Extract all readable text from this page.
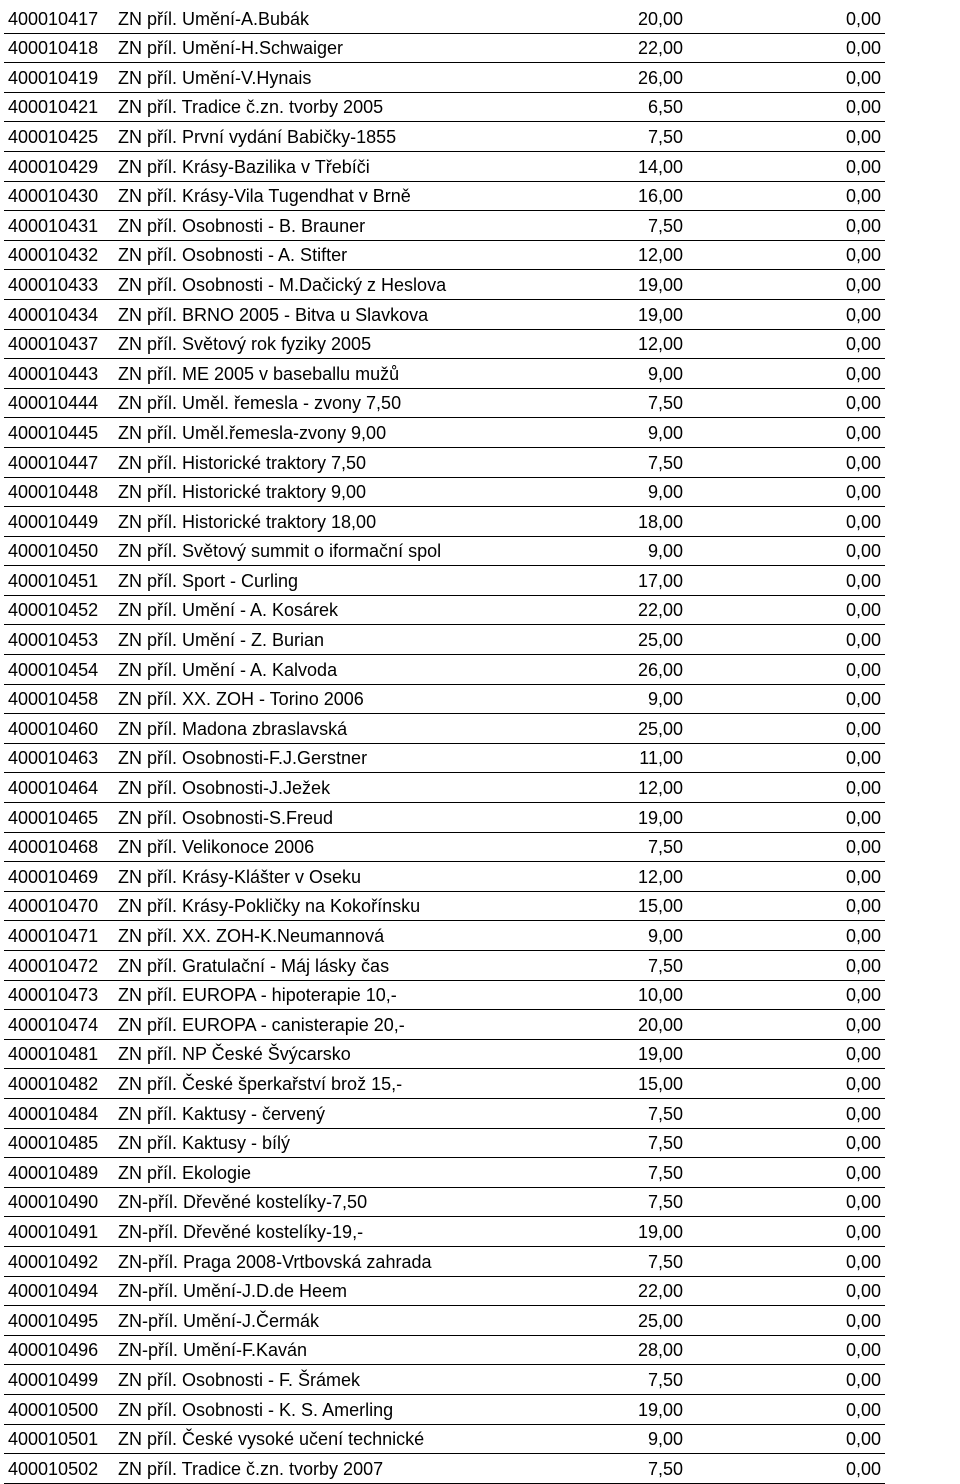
400010417	ZN příl. Umění-A.Bubák	20,00	0,00
400010418	ZN příl. Umění-H.Schwaiger	22,00	0,00
400010419	ZN příl. Umění-V.Hynais	26,00	0,00
400010421	ZN příl. Tradice č.zn. tvorby 2005	6,50	0,00
400010425	ZN příl. První vydání Babičky-1855	7,50	0,00
400010429	ZN příl. Krásy-Bazilika v Třebíči	14,00	0,00
400010430	ZN příl. Krásy-Vila Tugendhat v Brně	16,00	0,00
400010431	ZN příl. Osobnosti - B. Brauner	7,50	0,00
400010432	ZN příl. Osobnosti - A. Stifter	12,00	0,00
400010433	ZN příl. Osobnosti - M.Dačický z Heslova	19,00	0,00
400010434	ZN příl. BRNO 2005 - Bitva u Slavkova	19,00	0,00
400010437	ZN příl. Světový rok fyziky 2005	12,00	0,00
400010443	ZN příl. ME 2005 v baseballu mužů	9,00	0,00
400010444	ZN příl. Uměl. řemesla - zvony 7,50	7,50	0,00
400010445	ZN příl. Uměl.řemesla-zvony 9,00	9,00	0,00
400010447	ZN příl. Historické traktory 7,50	7,50	0,00
400010448	ZN příl. Historické traktory 9,00	9,00	0,00
400010449	ZN příl. Historické traktory 18,00	18,00	0,00
400010450	ZN příl. Světový summit o iformační spol	9,00	0,00
400010451	ZN příl. Sport - Curling	17,00	0,00
400010452	ZN příl. Umění - A. Kosárek	22,00	0,00
400010453	ZN příl. Umění - Z. Burian	25,00	0,00
400010454	ZN příl. Umění - A. Kalvoda	26,00	0,00
400010458	ZN příl. XX. ZOH - Torino 2006	9,00	0,00
400010460	ZN příl. Madona zbraslavská	25,00	0,00
400010463	ZN příl. Osobnosti-F.J.Gerstner	11,00	0,00
400010464	ZN příl. Osobnosti-J.Ježek	12,00	0,00
400010465	ZN příl. Osobnosti-S.Freud	19,00	0,00
400010468	ZN příl. Velikonoce 2006	7,50	0,00
400010469	ZN příl. Krásy-Klášter v Oseku	12,00	0,00
400010470	ZN příl. Krásy-Pokličky na Kokořínsku	15,00	0,00
400010471	ZN příl. XX. ZOH-K.Neumannová	9,00	0,00
400010472	ZN příl. Gratulační - Máj lásky čas	7,50	0,00
400010473	ZN příl. EUROPA - hipoterapie 10,-	10,00	0,00
400010474	ZN příl. EUROPA - canisterapie 20,-	20,00	0,00
400010481	ZN příl. NP České Švýcarsko	19,00	0,00
400010482	ZN příl. České šperkařství brož 15,-	15,00	0,00
400010484	ZN příl. Kaktusy - červený	7,50	0,00
400010485	ZN příl. Kaktusy - bílý	7,50	0,00
400010489	ZN příl. Ekologie	7,50	0,00
400010490	ZN-příl. Dřevěné kostelíky-7,50	7,50	0,00
400010491	ZN-příl. Dřevěné kostelíky-19,-	19,00	0,00
400010492	ZN-příl. Praga 2008-Vrtbovská zahrada	7,50	0,00
400010494	ZN-příl. Umění-J.D.de Heem	22,00	0,00
400010495	ZN-příl. Umění-J.Čermák	25,00	0,00
400010496	ZN-příl. Umění-F.Kaván	28,00	0,00
400010499	ZN příl. Osobnosti - F. Šrámek	7,50	0,00
400010500	ZN příl. Osobnosti - K. S. Amerling	19,00	0,00
400010501	ZN příl. České vysoké učení technické	9,00	0,00
400010502	ZN příl. Tradice č.zn. tvorby 2007	7,50	0,00
